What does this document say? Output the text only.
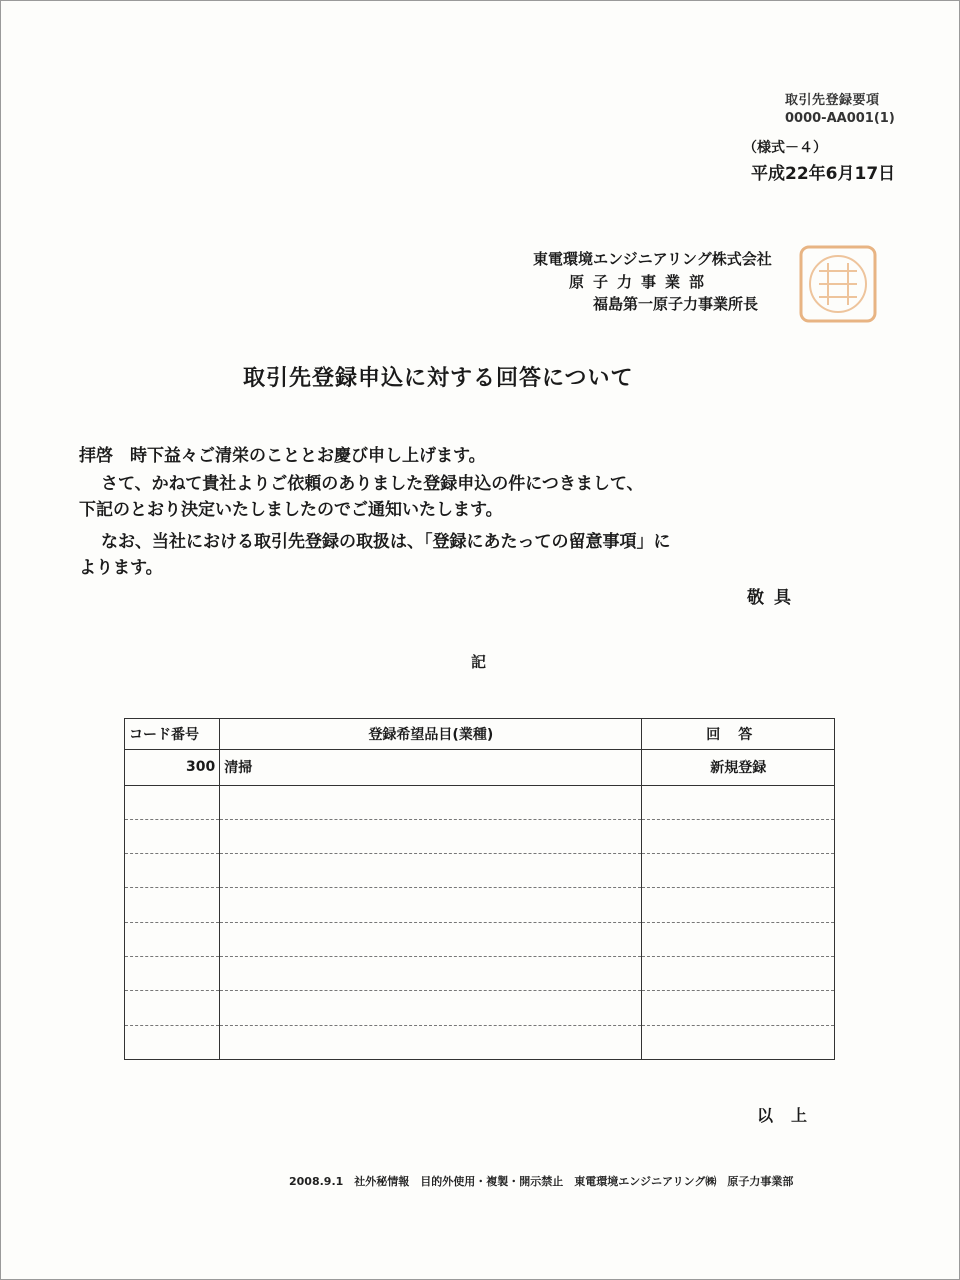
取引先登録要項
0000-AA001(1)
（様式－４）
平成22年6月17日
東電環境エンジニアリング株式会社
原子力事業部
福島第一原子力事業所長
取引先登録申込に対する回答について
拝啓　時下益々ご清栄のこととお慶び申し上げます。
さて、かねて貴社よりご依頼のありました登録申込の件につきまして、
下記のとおり決定いたしましたのでご通知いたします。
なお、当社における取引先登録の取扱は、「登録にあたっての留意事項」に
よります。
敬具
記
コード番号	登録希望品目(業種)	回答
300	清掃	新規登録

以上
2008.9.1　社外秘情報　目的外使用・複製・開示禁止　東電環境エンジニアリング㈱　原子力事業部
